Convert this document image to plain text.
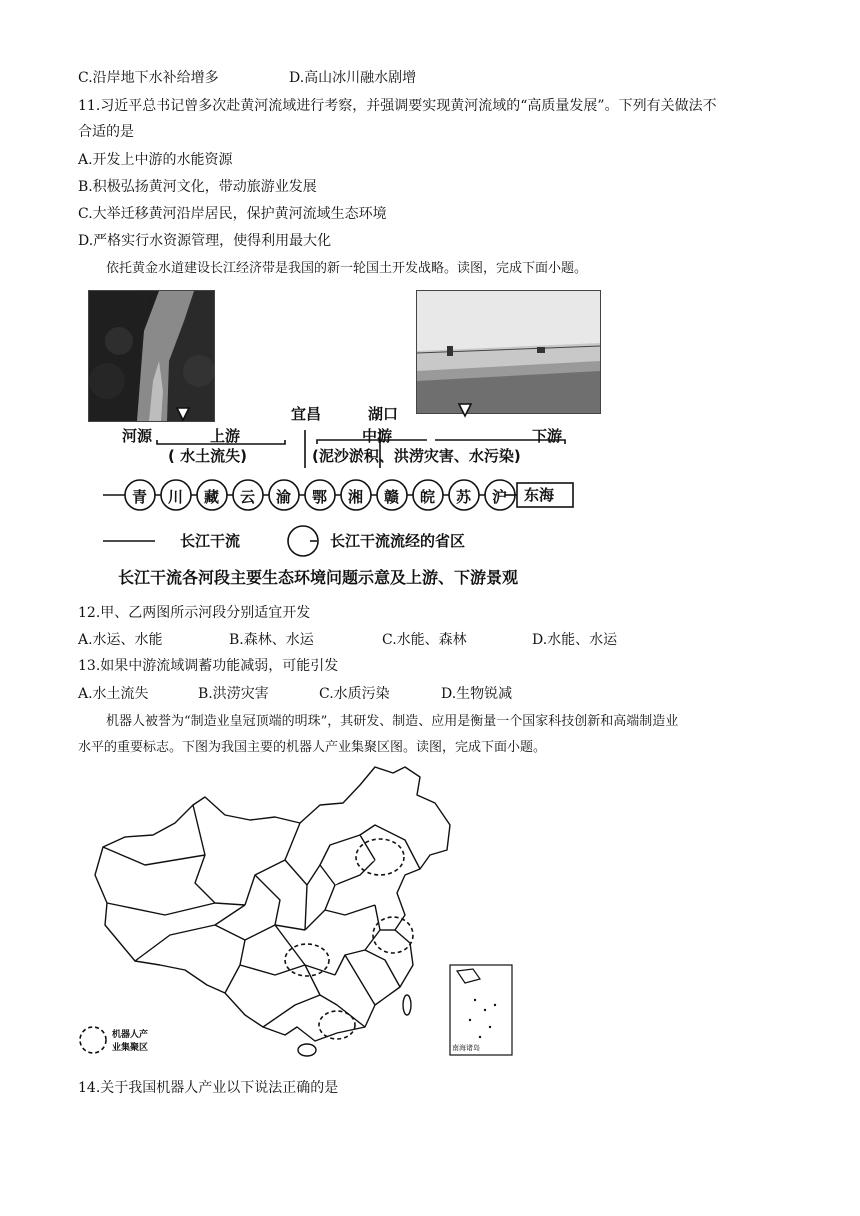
C.沿岸地下水补给增多	D.高山冰川融水剧增
11.习近平总书记曾多次赴黄河流域进行考察，并强调要实现黄河流域的“高质量发展”。下列有关做法不
合适的是
A.开发上中游的水能资源
B.积极弘扬黄河文化，带动旅游业发展
C.大举迁移黄河沿岸居民，保护黄河流域生态环境
D.严格实行水资源管理，使得利用最大化
依托黄金水道建设长江经济带是我国的新一轮国土开发战略。读图，完成下面小题。
甲
宜昌	湖口
河源	上游
( 水土流失)
中游
(泥沙淤积、洪涝灾害、水污染)
下游
青 川 藏 云 渝 鄂 湘 赣 皖 苏 沪 东海
长江干流	长江干流流经的省区
长江干流各河段主要生态环境问题示意及上游、下游景观
12.甲、乙两图所示河段分别适宜开发
A.水运、水能	B.森林、水运	C.水能、森林	D.水能、水运
13.如果中游流域调蓄功能减弱，可能引发
A.水土流失	B.洪涝灾害	C.水质污染	D.生物锐减
机器人被誉为“制造业皇冠顶端的明珠”，其研发、制造、应用是衡量一个国家科技创新和高端制造业
水平的重要标志。下图为我国主要的机器人产业集聚区图。读图，完成下面小题。
南海诸岛
机器人产
业集聚区
14.关于我国机器人产业以下说法正确的是
